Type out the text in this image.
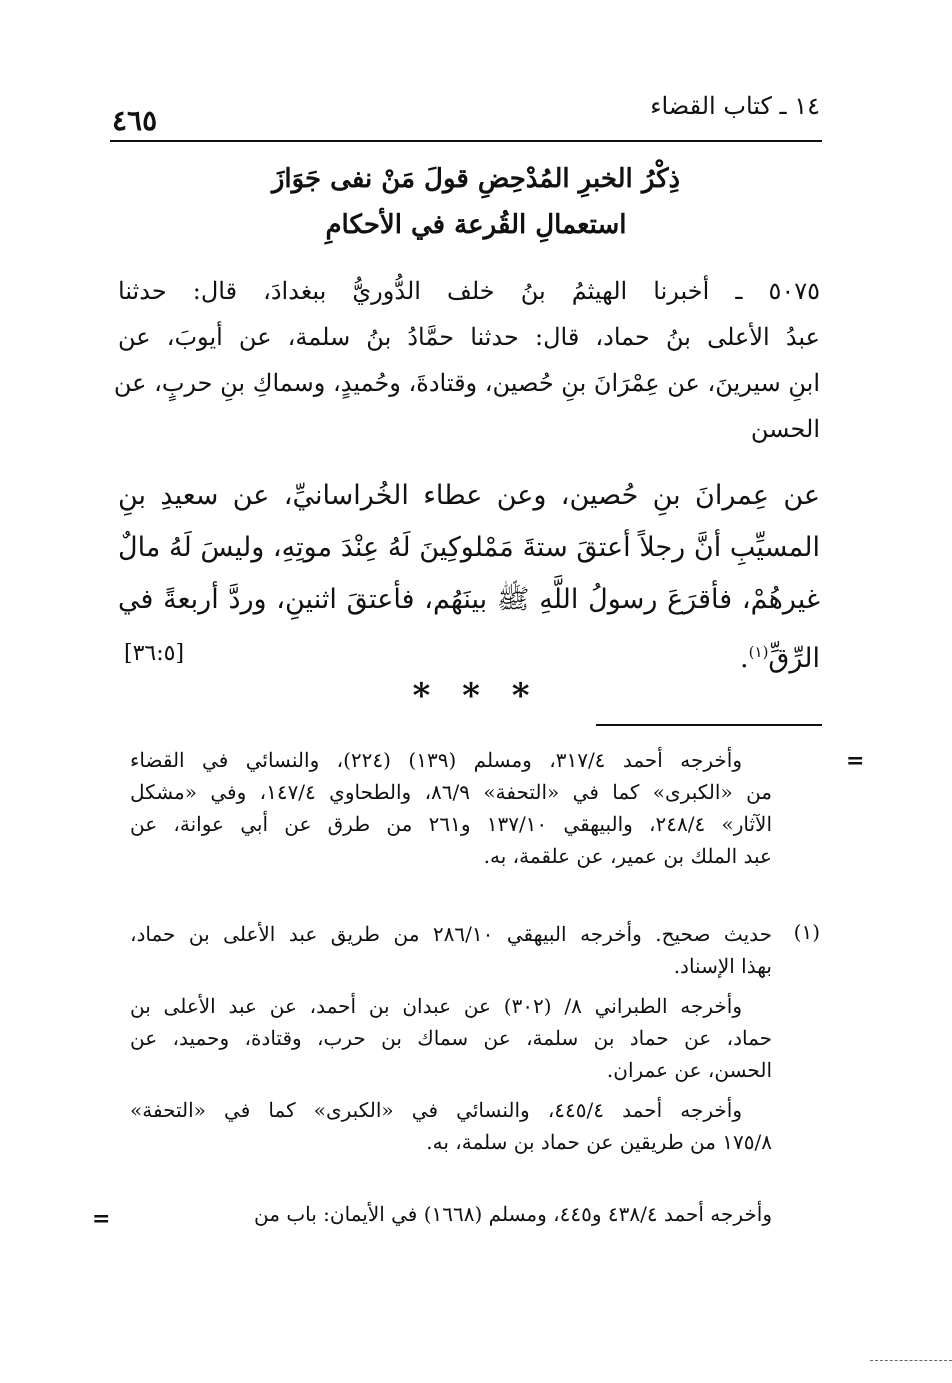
١٤ ـ كتاب القضاء
٤٦٥
ذِكْرُ الخبرِ المُدْحِضِ قولَ مَنْ نفى جَوَازَ
استعمالِ القُرعة في الأحكامِ
٥٠٧٥ ـ أخبرنا الهيثمُ بنُ خلف الدُّوريُّ ببغدادَ، قال: حدثنا
عبدُ الأعلى بنُ حماد، قال: حدثنا حمَّادُ بنُ سلمة، عن أيوبَ، عن
ابنِ سيرينَ، عن عِمْرَانَ بنِ حُصين، وقتادةَ، وحُميدٍ، وسماكِ بنِ حربٍ، عن
الحسن
عن عِمرانَ بنِ حُصين، وعن عطاء الخُراسانيِّ، عن سعيدِ بنِ
المسيِّبِ أنَّ رجلاً أعتقَ ستةَ مَمْلوكِينَ لَهُ عِنْدَ موتِهِ، وليسَ لَهُ مالٌ
غيرهُمْ، فأقرَعَ رسولُ اللَّهِ ﷺ بينَهُم، فأعتقَ اثنينِ، وردَّ أربعةً في
الرِّقِّ$^{(١)}$.
[٣٦:٥]
* * *
=
وأخرجه أحمد ٣١٧/٤، ومسلم (١٣٩) (٢٢٤)، والنسائي في القضاء
من «الكبرى» كما في «التحفة» ٨٦/٩، والطحاوي ١٤٧/٤، وفي «مشكل
الآثار» ٢٤٨/٤، والبيهقي ١٣٧/١٠ و٢٦١ من طرق عن أبي عوانة، عن
عبد الملك بن عمير، عن علقمة، به.
(١)
حديث صحيح. وأخرجه البيهقي ٢٨٦/١٠ من طريق عبد الأعلى بن حماد،
بهذا الإسناد.
وأخرجه الطبراني ٨/ (٣٠٢) عن عبدان بن أحمد، عن عبد الأعلى بن
حماد، عن حماد بن سلمة، عن سماك بن حرب، وقتادة، وحميد، عن
الحسن، عن عمران.
وأخرجه أحمد ٤٤٥/٤، والنسائي في «الكبرى» كما في «التحفة»
١٧٥/٨ من طريقين عن حماد بن سلمة، به.
وأخرجه أحمد ٤٣٨/٤ و٤٤٥، ومسلم (١٦٦٨) في الأيمان: باب من
=
